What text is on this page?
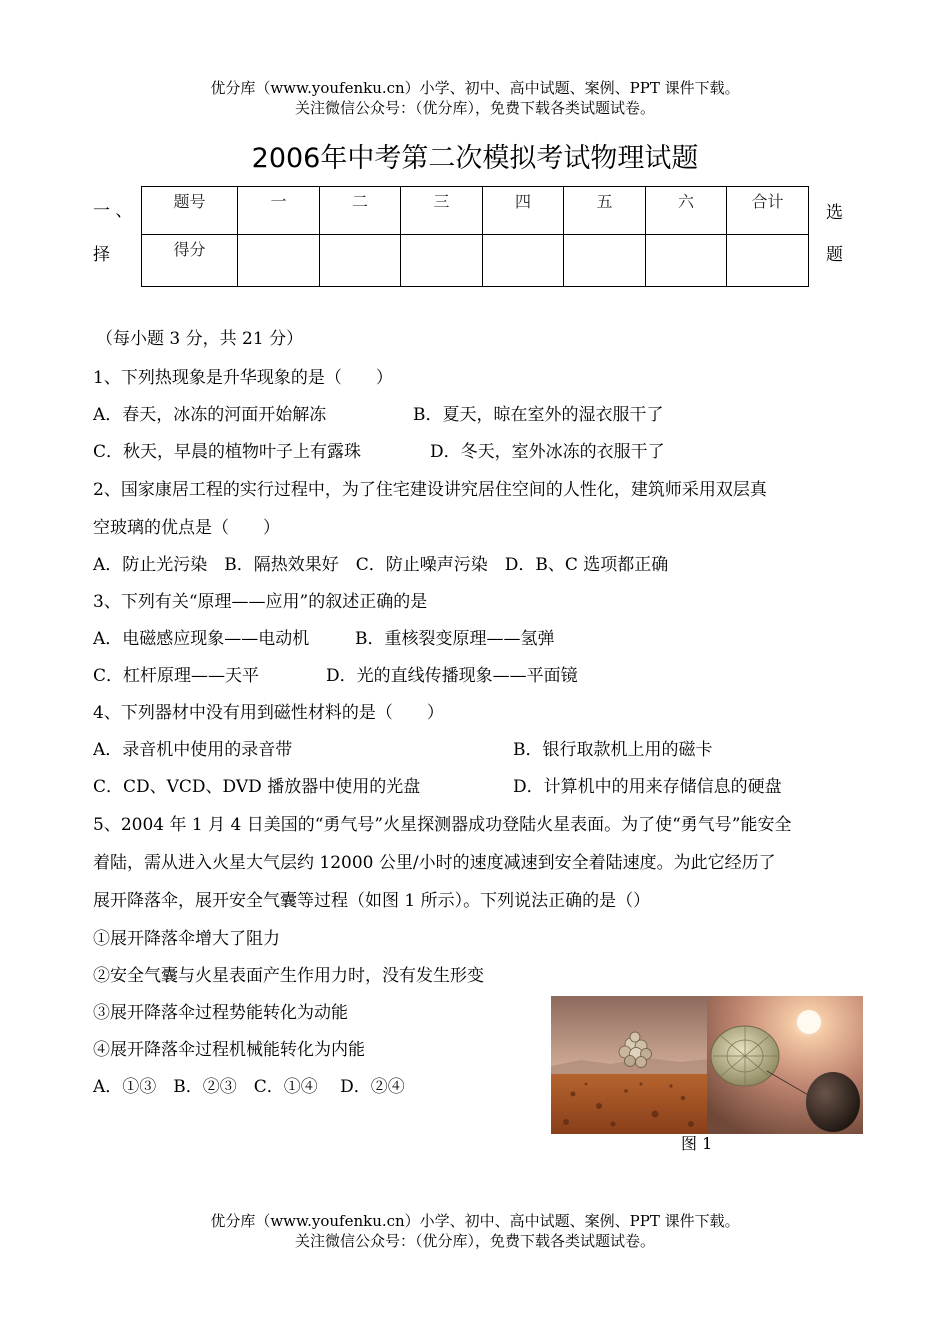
优分库（www.youfenku.cn）小学、初中、高中试题、案例、PPT 课件下载。
关注微信公众号：（优分库），免费下载各类试题试卷。
2006年中考第二次模拟考试物理试题
一 、
择
选
题
题号	一	二	三	四	五	六	合计
得分							
（每小题 3 分，共 21 分）
1、下列热现象是升华现象的是（　　）
A．春天，冰冻的河面开始解冻	B．夏天，晾在室外的湿衣服干了
C．秋天，早晨的植物叶子上有露珠	D．冬天，室外冰冻的衣服干了
2、国家康居工程的实行过程中，为了住宅建设讲究居住空间的人性化，建筑师采用双层真
空玻璃的优点是（　　）
A．防止光污染　B．隔热效果好　C．防止噪声污染　D．B、C 选项都正确
3、下列有关“原理——应用”的叙述正确的是
A．电磁感应现象——电动机	B．重核裂变原理——氢弹
C．杠杆原理——天平	D．光的直线传播现象——平面镜
4、下列器材中没有用到磁性材料的是（　　）
A．录音机中使用的录音带	B．银行取款机上用的磁卡
C．CD、VCD、DVD 播放器中使用的光盘	D．计算机中的用来存储信息的硬盘
5、2004 年 1 月 4 日美国的“勇气号”火星探测器成功登陆火星表面。为了使“勇气号”能安全
着陆，需从进入火星大气层约 12000 公里/小时的速度减速到安全着陆速度。为此它经历了
展开降落伞，展开安全气囊等过程（如图 1 所示）。下列说法正确的是（）
①展开降落伞增大了阻力
②安全气囊与火星表面产生作用力时，没有发生形变
③展开降落伞过程势能转化为动能
④展开降落伞过程机械能转化为内能
A．①③　B．②③　C．①④　 D．②④
图 1
优分库（www.youfenku.cn）小学、初中、高中试题、案例、PPT 课件下载。
关注微信公众号：（优分库），免费下载各类试题试卷。
